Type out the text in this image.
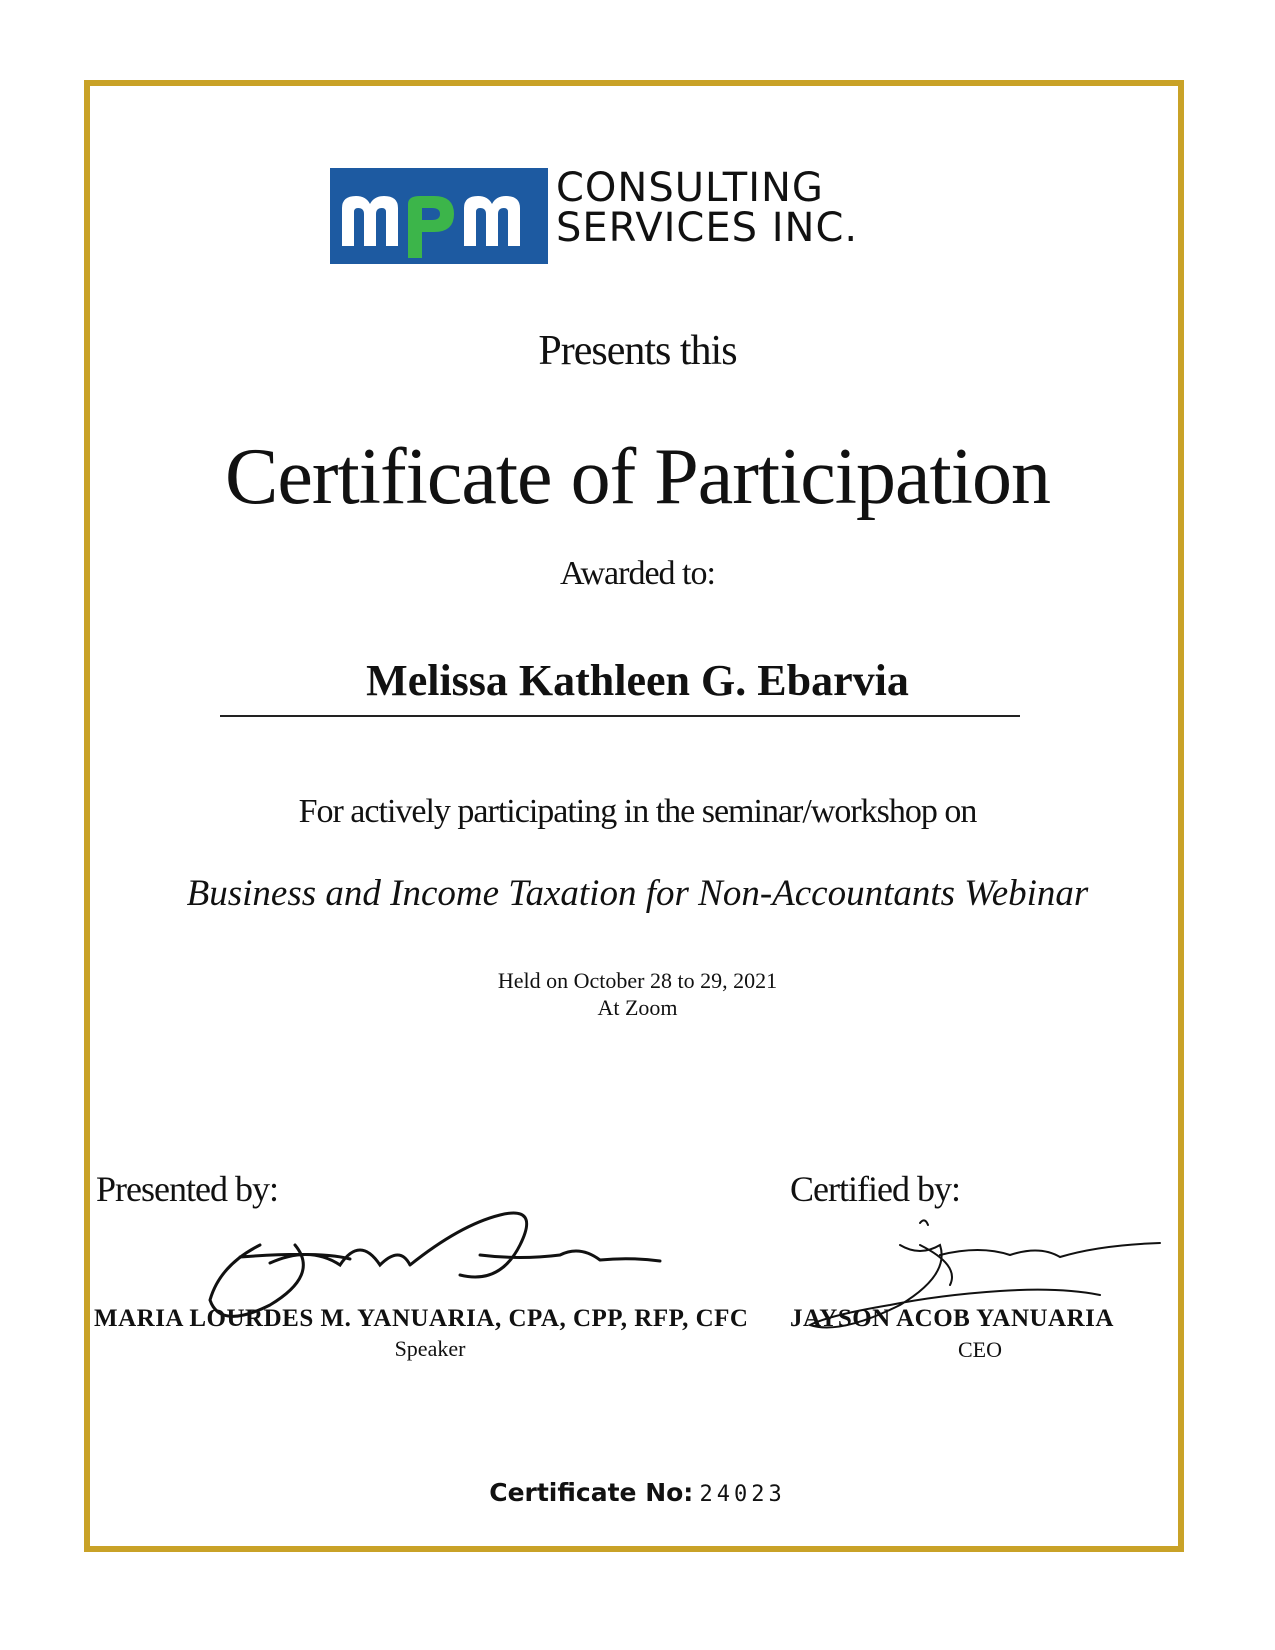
CONSULTING
SERVICES INC.
Presents this
Certificate of Participation
Awarded to:
Melissa Kathleen G. Ebarvia
For actively participating in the seminar/workshop on
Business and Income Taxation for Non-Accountants Webinar
Held on October 28 to 29, 2021
At Zoom
Presented by:
MARIA LOURDES M. YANUARIA, CPA, CPP, RFP, CFC
Speaker
Certified by:
JAYSON ACOB YANUARIA
CEO
Certificate No: 24023
